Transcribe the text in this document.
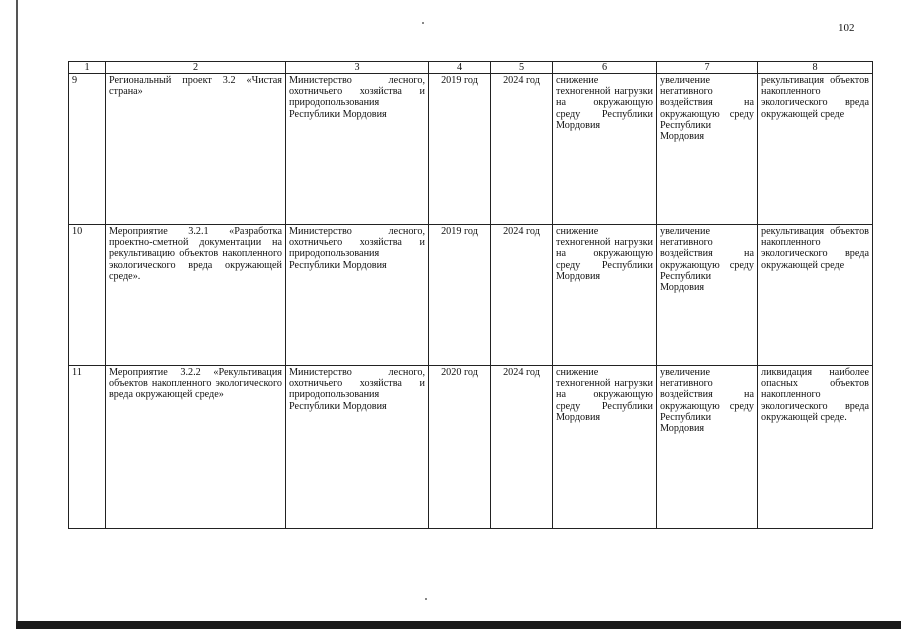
102
1	2	3	4	5	6	7	8
9	Региональный проект 3.2 «Чистая страна»	Министерство лесного, охотничьего хозяйства и природопользования Республики Мордовия	2019 год	2024 год	снижение техногенной нагрузки на окружающую среду Республики Мордовия	увеличение негативного воздействия на окружающую среду Республики Мордовия	рекультивация объектов накопленного экологического вреда окружающей среде
10	Мероприятие 3.2.1 «Разработка проектно-сметной документации на рекультивацию объектов накопленного экологического вреда окружающей среде».	Министерство лесного, охотничьего хозяйства и природопользования Республики Мордовия	2019 год	2024 год	снижение техногенной нагрузки на окружающую среду Республики Мордовия	увеличение негативного воздействия на окружающую среду Республики Мордовия	рекультивация объектов накопленного экологического вреда окружающей среде
11	Мероприятие 3.2.2 «Рекультивация объектов накопленного экологического вреда окружающей среде»	Министерство лесного, охотничьего хозяйства и природопользования Республики Мордовия	2020 год	2024 год	снижение техногенной нагрузки на окружающую среду Республики Мордовия	увеличение негативного воздействия на окружающую среду Республики Мордовия	ликвидация наиболее опасных объектов накопленного экологического вреда окружающей среде.
